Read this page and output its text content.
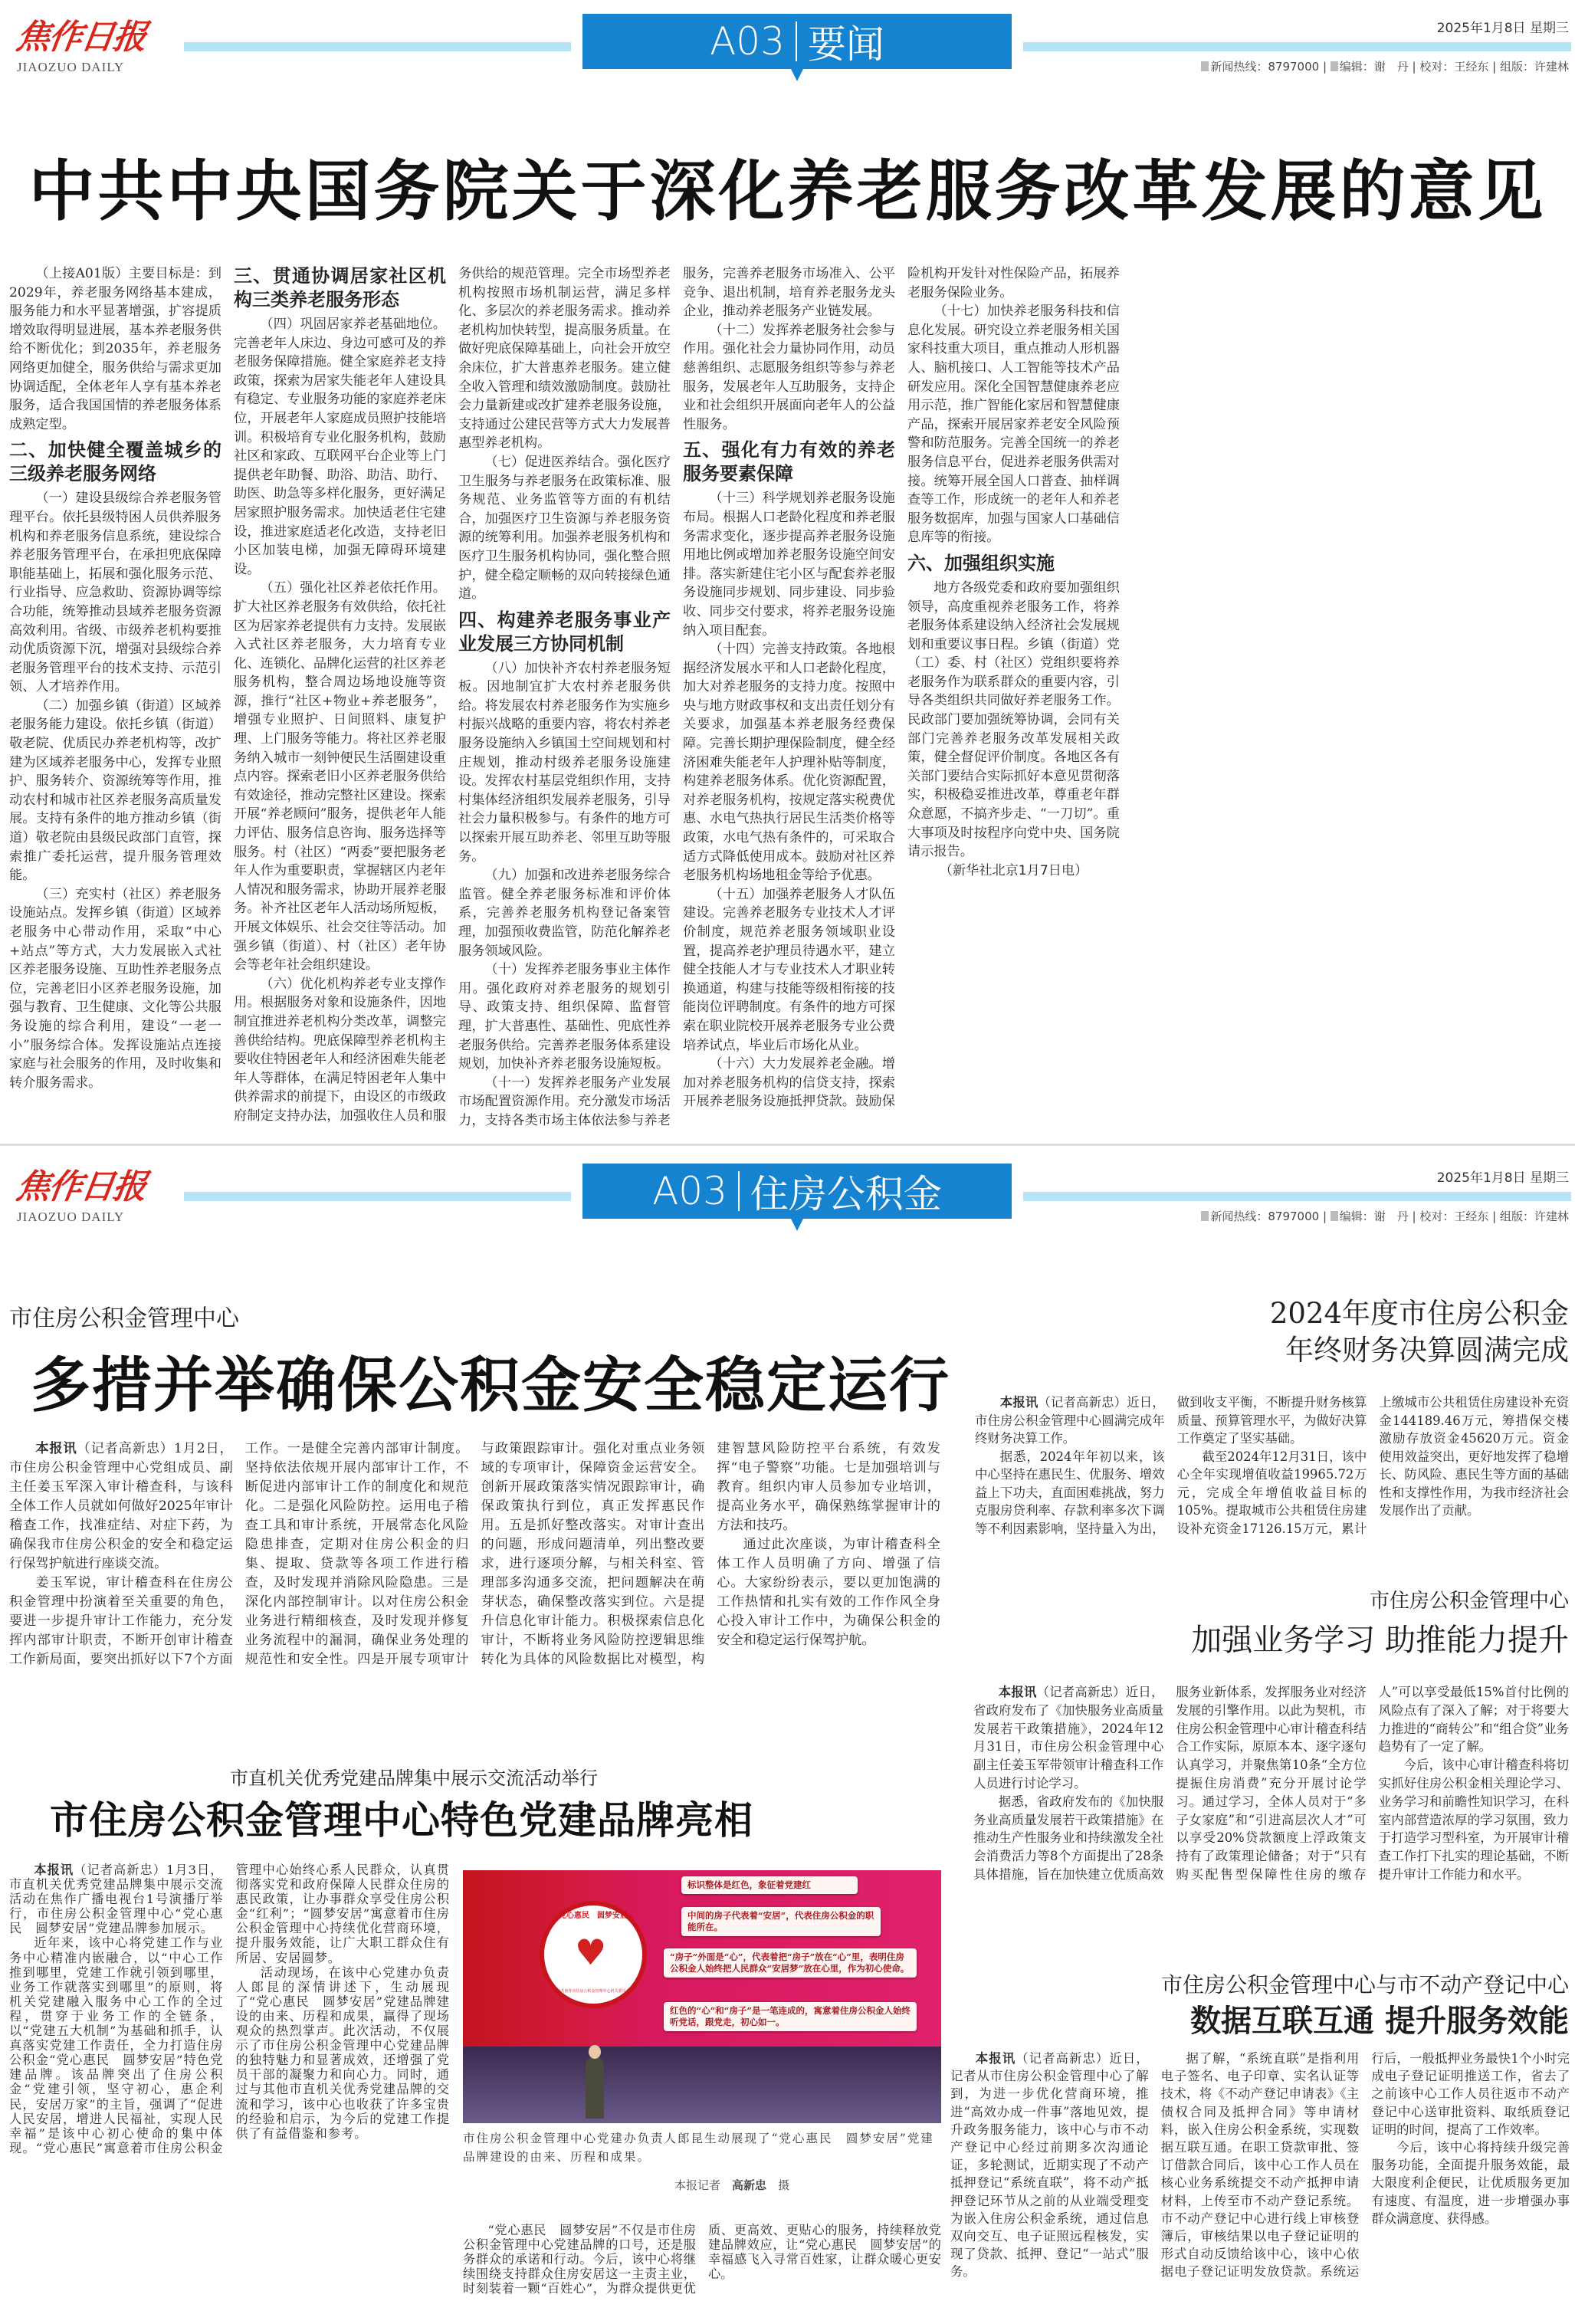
焦作日报
JIAOZUO DAILY
A03 要闻	2025年1月8日 星期三
新闻热线：8797000 | 编辑：谢　丹 | 校对：王经东 | 组版：许建林
中共中央国务院关于深化养老服务改革发展的意见

（上接A01版）主要目标是：到2029年，养老服务网络基本建成，服务能力和水平显著增强，扩容提质增效取得明显进展，基本养老服务供给不断优化；到2035年，养老服务网络更加健全，服务供给与需求更加协调适配，全体老年人享有基本养老服务，适合我国国情的养老服务体系成熟定型。

二、加快健全覆盖城乡的三级养老服务网络

（一）建设县级综合养老服务管理平台。依托县级特困人员供养服务机构和养老服务信息系统，建设综合养老服务管理平台，在承担兜底保障职能基础上，拓展和强化服务示范、行业指导、应急救助、资源协调等综合功能，统筹推动县域养老服务资源高效利用。省级、市级养老机构要推动优质资源下沉，增强对县级综合养老服务管理平台的技术支持、示范引领、人才培养作用。

（二）加强乡镇（街道）区域养老服务能力建设。依托乡镇（街道）敬老院、优质民办养老机构等，改扩建为区域养老服务中心，发挥专业照护、服务转介、资源统筹等作用，推动农村和城市社区养老服务高质量发展。支持有条件的地方推动乡镇（街道）敬老院由县级民政部门直管，探索推广委托运营，提升服务管理效能。

（三）充实村（社区）养老服务设施站点。发挥乡镇（街道）区域养老服务中心带动作用，采取“中心+站点”等方式，大力发展嵌入式社区养老服务设施、互助性养老服务点位，完善老旧小区养老服务设施，加强与教育、卫生健康、文化等公共服务设施的综合利用，建设“一老一小”服务综合体。发挥设施站点连接家庭与社会服务的作用，及时收集和转介服务需求。

三、贯通协调居家社区机构三类养老服务形态

（四）巩固居家养老基础地位。完善老年人床边、身边可感可及的养老服务保障措施。健全家庭养老支持政策，探索为居家失能老年人建设具有稳定、专业服务功能的家庭养老床位，开展老年人家庭成员照护技能培训。积极培育专业化服务机构，鼓励社区和家政、互联网平台企业等上门提供老年助餐、助浴、助洁、助行、助医、助急等多样化服务，更好满足居家照护服务需求。加快适老住宅建设，推进家庭适老化改造，支持老旧小区加装电梯，加强无障碍环境建设。

（五）强化社区养老依托作用。扩大社区养老服务有效供给，依托社区为居家养老提供有力支持。发展嵌入式社区养老服务，大力培育专业化、连锁化、品牌化运营的社区养老服务机构，整合周边场地设施等资源，推行“社区+物业+养老服务”，增强专业照护、日间照料、康复护理、上门服务等能力。将社区养老服务纳入城市一刻钟便民生活圈建设重点内容。探索老旧小区养老服务供给有效途径，推动完整社区建设。探索开展“养老顾问”服务，提供老年人能力评估、服务信息咨询、服务选择等服务。村（社区）“两委”要把服务老年人作为重要职责，掌握辖区内老年人情况和服务需求，协助开展养老服务。补齐社区老年人活动场所短板，开展文体娱乐、社会交往等活动。加强乡镇（街道）、村（社区）老年协会等老年社会组织建设。

（六）优化机构养老专业支撑作用。根据服务对象和设施条件，因地制宜推进养老机构分类改革，调整完善供给结构。兜底保障型养老机构主要收住特困老年人和经济困难失能老年人等群体，在满足特困老年人集中供养需求的前提下，由设区的市级政府制定支持办法，加强收住人员和服务供给的规范管理。完全市场型养老机构按照市场机制运营，满足多样化、多层次的养老服务需求。推动养老机构加快转型，提高服务质量。在做好兜底保障基础上，向社会开放空余床位，扩大普惠养老服务。建立健全收入管理和绩效激励制度。鼓励社会力量新建或改扩建养老服务设施，支持通过公建民营等方式大力发展普惠型养老机构。

（七）促进医养结合。强化医疗卫生服务与养老服务在政策标准、服务规范、业务监管等方面的有机结合，加强医疗卫生资源与养老服务资源的统筹利用。加强养老服务机构和医疗卫生服务机构协同，强化整合照护，健全稳定顺畅的双向转接绿色通道。

四、构建养老服务事业产业发展三方协同机制

（八）加快补齐农村养老服务短板。因地制宜扩大农村养老服务供给。将发展农村养老服务作为实施乡村振兴战略的重要内容，将农村养老服务设施纳入乡镇国土空间规划和村庄规划，推动村级养老服务设施建设。发挥农村基层党组织作用，支持村集体经济组织发展养老服务，引导社会力量积极参与。有条件的地方可以探索开展互助养老、邻里互助等服务。

（九）加强和改进养老服务综合监管。健全养老服务标准和评价体系，完善养老服务机构登记备案管理，加强预收费监管，防范化解养老服务领域风险。

（十）发挥养老服务事业主体作用。强化政府对养老服务的规划引导、政策支持、组织保障、监督管理，扩大普惠性、基础性、兜底性养老服务供给。完善养老服务体系建设规划，加快补齐养老服务设施短板。

（十一）发挥养老服务产业发展市场配置资源作用。充分激发市场活力，支持各类市场主体依法参与养老服务，完善养老服务市场准入、公平竞争、退出机制，培育养老服务龙头企业，推动养老服务产业链发展。

（十二）发挥养老服务社会参与作用。强化社会力量协同作用，动员慈善组织、志愿服务组织等参与养老服务，发展老年人互助服务，支持企业和社会组织开展面向老年人的公益性服务。

五、强化有力有效的养老服务要素保障

（十三）科学规划养老服务设施布局。根据人口老龄化程度和养老服务需求变化，逐步提高养老服务设施用地比例或增加养老服务设施空间安排。落实新建住宅小区与配套养老服务设施同步规划、同步建设、同步验收、同步交付要求，将养老服务设施纳入项目配套。

（十四）完善支持政策。各地根据经济发展水平和人口老龄化程度，加大对养老服务的支持力度。按照中央与地方财政事权和支出责任划分有关要求，加强基本养老服务经费保障。完善长期护理保险制度，健全经济困难失能老年人护理补贴等制度，构建养老服务体系。优化资源配置，对养老服务机构，按规定落实税费优惠、水电气热执行居民生活类价格等政策，水电气热有条件的，可采取合适方式降低使用成本。鼓励对社区养老服务机构场地租金等给予优惠。

（十五）加强养老服务人才队伍建设。完善养老服务专业技术人才评价制度，规范养老服务领域职业设置，提高养老护理员待遇水平，建立健全技能人才与专业技术人才职业转换通道，构建与技能等级相衔接的技能岗位评聘制度。有条件的地方可探索在职业院校开展养老服务专业公费培养试点，毕业后市场化从业。

（十六）大力发展养老金融。增加对养老服务机构的信贷支持，探索开展养老服务设施抵押贷款。鼓励保险机构开发针对性保险产品，拓展养老服务保险业务。

（十七）加快养老服务科技和信息化发展。研究设立养老服务相关国家科技重大项目，重点推动人形机器人、脑机接口、人工智能等技术产品研发应用。深化全国智慧健康养老应用示范，推广智能化家居和智慧健康产品，探索开展居家养老安全风险预警和防范服务。完善全国统一的养老服务信息平台，促进养老服务供需对接。统筹开展全国人口普查、抽样调查等工作，形成统一的老年人和养老服务数据库，加强与国家人口基础信息库等的衔接。

六、加强组织实施

地方各级党委和政府要加强组织领导，高度重视养老服务工作，将养老服务体系建设纳入经济社会发展规划和重要议事日程。乡镇（街道）党（工）委、村（社区）党组织要将养老服务作为联系群众的重要内容，引导各类组织共同做好养老服务工作。民政部门要加强统筹协调，会同有关部门完善养老服务改革发展相关政策，健全督促评价制度。各地区各有关部门要结合实际抓好本意见贯彻落实，积极稳妥推进改革，尊重老年群众意愿，不搞齐步走、“一刀切”。重大事项及时按程序向党中央、国务院请示报告。

（新华社北京1月7日电）

焦作日报
JIAOZUO DAILY
A03 住房公积金	2025年1月8日 星期三
新闻热线：8797000 | 编辑：谢　丹 | 校对：王经东 | 组版：许建林
市住房公积金管理中心
多措并举确保公积金安全稳定运行

本报讯（记者高新忠）1月2日，市住房公积金管理中心党组成员、副主任姜玉军深入审计稽查科，与该科全体工作人员就如何做好2025年审计稽查工作，找准症结、对症下药，为确保我市住房公积金的安全和稳定运行保驾护航进行座谈交流。

姜玉军说，审计稽查科在住房公积金管理中扮演着至关重要的角色，要进一步提升审计工作能力，充分发挥内部审计职责，不断开创审计稽查工作新局面，要突出抓好以下7个方面工作。一是健全完善内部审计制度。坚持依法依规开展内部审计工作，不断促进内部审计工作的制度化和规范化。二是强化风险防控。运用电子稽查工具和审计系统，开展常态化风险隐患排查，定期对住房公积金的归集、提取、贷款等各项工作进行稽查，及时发现并消除风险隐患。三是深化内部控制审计。以对住房公积金业务进行精细核查，及时发现并修复业务流程中的漏洞，确保业务处理的规范性和安全性。四是开展专项审计与政策跟踪审计。强化对重点业务领域的专项审计，保障资金运营安全。创新开展政策落实情况跟踪审计，确保政策执行到位，真正发挥惠民作用。五是抓好整改落实。对审计查出的问题，形成问题清单，列出整改要求，进行逐项分解，与相关科室、管理部多沟通多交流，把问题解决在萌芽状态，确保整改落实到位。六是提升信息化审计能力。积极探索信息化审计，不断将业务风险防控逻辑思维转化为具体的风险数据比对模型，构建智慧风险防控平台系统，有效发挥“电子警察”功能。七是加强培训与教育。组织内审人员参加专业培训，提高业务水平，确保熟练掌握审计的方法和技巧。

通过此次座谈，为审计稽查科全体工作人员明确了方向、增强了信心。大家纷纷表示，要以更加饱满的工作热情和扎实有效的工作作风全身心投入审计工作中，为确保公积金的安全和稳定运行保驾护航。

2024年度市住房公积金
年终财务决算圆满完成

本报讯（记者高新忠）近日，市住房公积金管理中心圆满完成年终财务决算工作。

据悉，2024年年初以来，该中心坚持在惠民生、优服务、增效益上下功夫，直面困难挑战，努力克服房贷利率、存款利率多次下调等不利因素影响，坚持量入为出，做到收支平衡，不断提升财务核算质量、预算管理水平，为做好决算工作奠定了坚实基础。

截至2024年12月31日，该中心全年实现增值收益19965.72万元，完成全年增值收益目标的105%。提取城市公共租赁住房建设补充资金17126.15万元，累计上缴城市公共租赁住房建设补充资金144189.46万元，筹措保交楼激励存放资金45620万元。资金使用效益突出，更好地发挥了稳增长、防风险、惠民生等方面的基础性和支撑性作用，为我市经济社会发展作出了贡献。

市住房公积金管理中心
加强业务学习 助推能力提升

本报讯（记者高新忠）近日，省政府发布了《加快服务业高质量发展若干政策措施》，2024年12月31日，市住房公积金管理中心副主任姜玉军带领审计稽查科工作人员进行讨论学习。

据悉，省政府发布的《加快服务业高质量发展若干政策措施》在推动生产性服务业和持续激发全社会消费活力等8个方面提出了28条具体措施，旨在加快建立优质高效服务业新体系，发挥服务业对经济发展的引擎作用。以此为契机，市住房公积金管理中心审计稽查科结合工作实际，原原本本、逐字逐句认真学习，并聚焦第10条“全方位提振住房消费”充分开展讨论学习。通过学习，全体人员对于“多子女家庭”和“引进高层次人才”可以享受20%贷款额度上浮政策支持有了政策理论储备；对于“只有购买配售型保障性住房的缴存人”可以享受最低15%首付比例的风险点有了深入了解；对于将要大力推进的“商转公”和“组合贷”业务趋势有了一定了解。

今后，该中心审计稽查科将切实抓好住房公积金相关理论学习、业务学习和前瞻性知识学习，在科室内部营造浓厚的学习氛围，致力于打造学习型科室，为开展审计稽查工作打下扎实的理论基础，不断提升审计工作能力和水平。

市直机关优秀党建品牌集中展示交流活动举行
市住房公积金管理中心特色党建品牌亮相

本报讯（记者高新忠）1月3日，市直机关优秀党建品牌集中展示交流活动在焦作广播电视台1号演播厅举行，市住房公积金管理中心“党心惠民　圆梦安居”党建品牌参加展示。

近年来，该中心将党建工作与业务中心精准内嵌融合，以“中心工作推到哪里，党建工作就引领到哪里，业务工作就落实到哪里”的原则，将机关党建融入服务中心工作的全过程，贯穿于业务工作的全链条，以“党建五大机制”为基础和抓手，认真落实党建工作责任，全力打造住房公积金“党心惠民　圆梦安居”特色党建品牌。该品牌突出了住房公积金“党建引领，坚守初心，惠企利民，安居万家”的主旨，强调了“促进人民安居，增进人民福祉，实现人民幸福”是该中心初心使命的集中体现。“党心惠民”寓意着市住房公积金管理中心始终心系人民群众，认真贯彻落实党和政府保障人民群众住房的惠民政策，让办事群众享受住房公积金“红利”；“圆梦安居”寓意着市住房公积金管理中心持续优化营商环境，提升服务效能，让广大职工群众住有所居、安居圆梦。

活动现场，在该中心党建办负责人郎昆的深情讲述下，生动展现了“党心惠民　圆梦安居”党建品牌建设的由来、历程和成果，赢得了现场观众的热烈掌声。此次活动，不仅展示了市住房公积金管理中心党建品牌的独特魅力和显著成效，还增强了党员干部的凝聚力和向心力。同时，通过与其他市直机关优秀党建品牌的交流和学习，该中心也收获了许多宝贵的经验和启示，为今后的党建工作提供了有益借鉴和参考。

“党心惠民　圆梦安居”不仅是市住房公积金管理中心党建品牌的口号，还是服务群众的承诺和行动。今后，该中心将继续围绕支持群众住房安居这一主责主业，时刻装着一颗“百姓心”，为群众提供更优质、更高效、更贴心的服务，持续释放党建品牌效应，让“党心惠民　圆梦安居”的幸福感飞入寻常百姓家，让群众暖心更安心。

党心惠民　圆梦安居
♥
中共焦作市住房公积金管理中心机关委员会
标识整体是红色，象征着党建红
中间的房子代表着“安居”，代表住房公积金的职能所在。
“房子”外面是“心”，代表着把“房子”放在“心”里，表明住房公积金人始终把人民群众“安居梦”放在心里，作为初心使命。
红色的“心”和“房子”是一笔连成的，寓意着住房公积金人始终听党话，跟党走，初心如一。
市住房公积金管理中心党建办负责人郎昆生动展现了“党心惠民　圆梦安居”党建品牌建设的由来、历程和成果。
本报记者　 高新忠　 摄
市住房公积金管理中心与市不动产登记中心
数据互联互通 提升服务效能

本报讯（记者高新忠）近日，记者从市住房公积金管理中心了解到，为进一步优化营商环境，推进“高效办成一件事”落地见效，提升政务服务能力，该中心与市不动产登记中心经过前期多次沟通论证，多轮测试，近期实现了不动产抵押登记“系统直联”，将不动产抵押登记环节从之前的从业端受理变为嵌入住房公积金系统，通过信息双向交互、电子证照远程核发，实现了贷款、抵押、登记“一站式”服务。

据了解，“系统直联”是指利用电子签名、电子印章、实名认证等技术，将《不动产登记申请表》《主债权合同及抵押合同》等申请材料，嵌入住房公积金系统，实现数据互联互通。在职工贷款审批、签订借款合同后，该中心工作人员在核心业务系统提交不动产抵押申请材料，上传至市不动产登记系统。市不动产登记中心进行线上审核登簿后，审核结果以电子登记证明的形式自动反馈给该中心，该中心依据电子登记证明发放贷款。系统运行后，一般抵押业务最快1个小时完成电子登记证明推送工作，省去了之前该中心工作人员往返市不动产登记中心送审批资料、取纸质登记证明的时间，提高了工作效率。

今后，该中心将持续升级完善服务功能，全面提升服务效能，最大限度利企便民，让优质服务更加有速度、有温度，进一步增强办事群众满意度、获得感。
